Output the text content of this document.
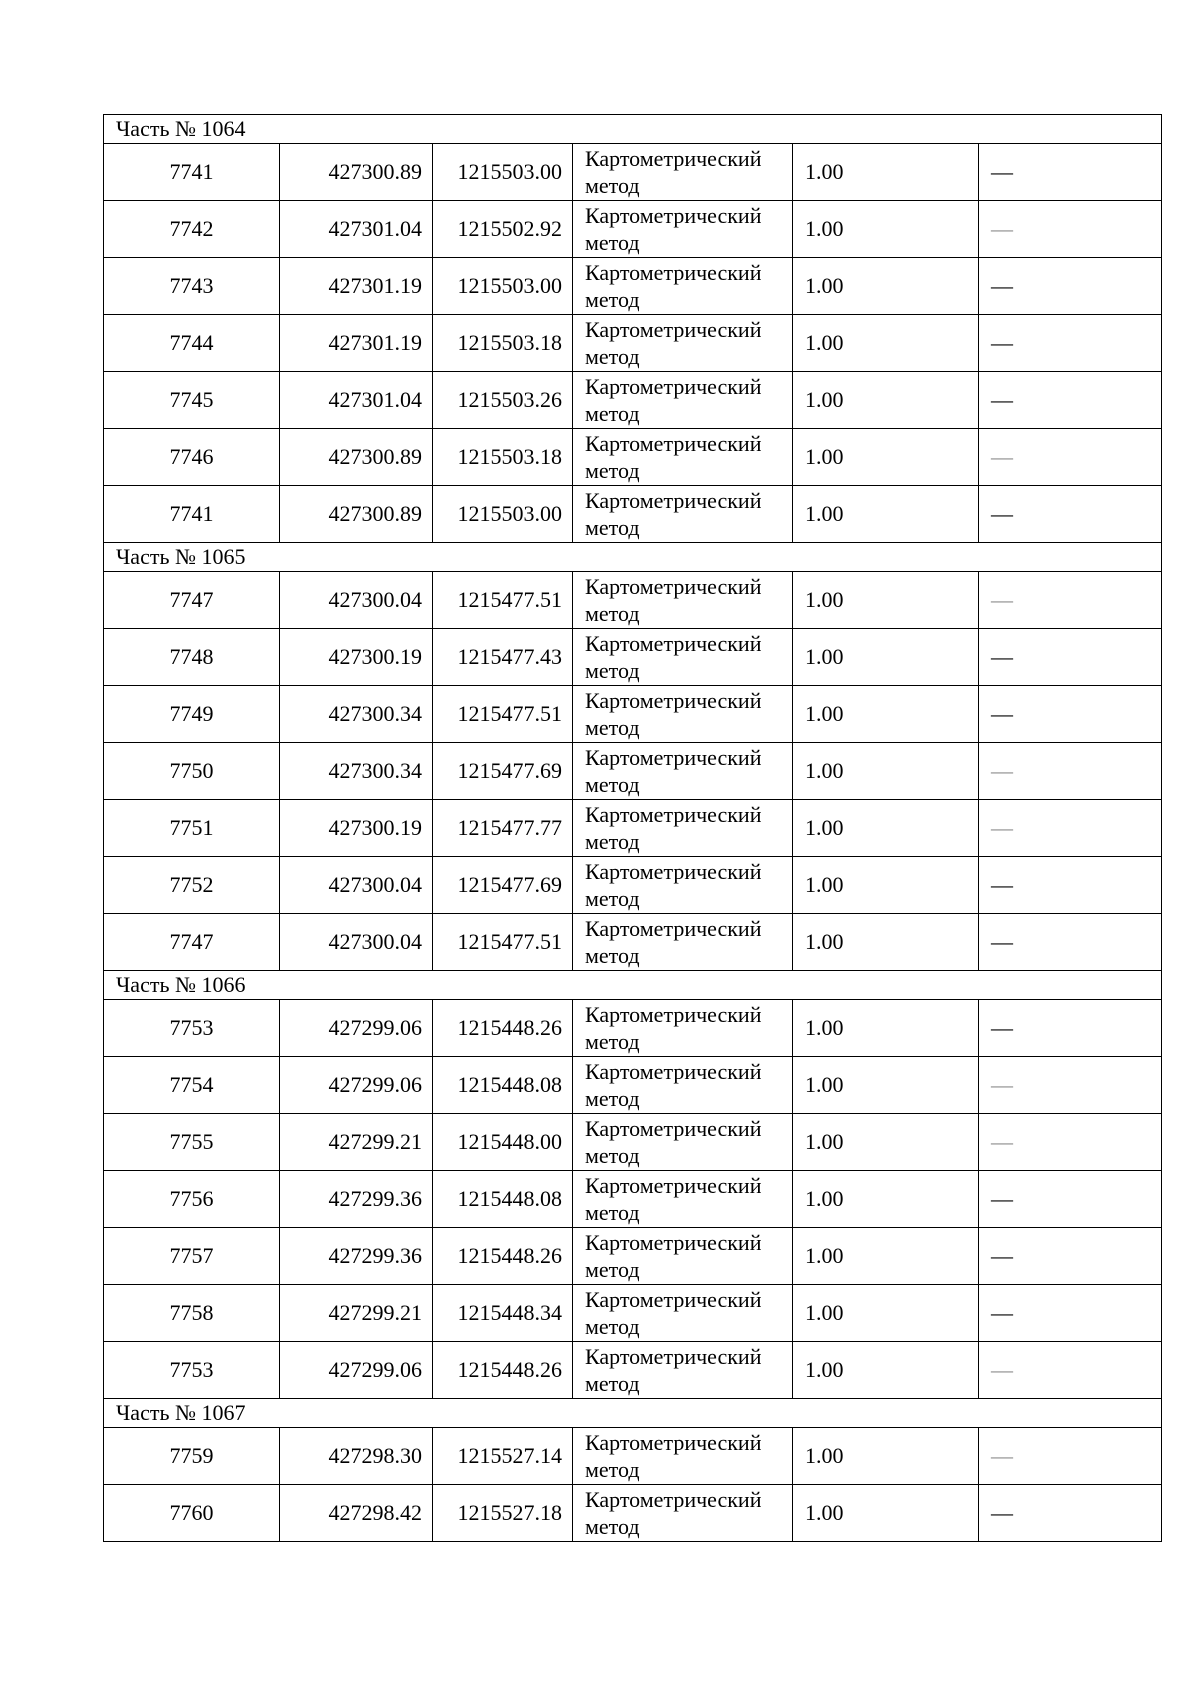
Часть № 1064					
7741	427300.89	1215503.00	Картометрический
метод	1.00	—
7742	427301.04	1215502.92	Картометрический
метод	1.00	—
7743	427301.19	1215503.00	Картометрический
метод	1.00	—
7744	427301.19	1215503.18	Картометрический
метод	1.00	—
7745	427301.04	1215503.26	Картометрический
метод	1.00	—
7746	427300.89	1215503.18	Картометрический
метод	1.00	—
7741	427300.89	1215503.00	Картометрический
метод	1.00	—
Часть № 1065					
7747	427300.04	1215477.51	Картометрический
метод	1.00	—
7748	427300.19	1215477.43	Картометрический
метод	1.00	—
7749	427300.34	1215477.51	Картометрический
метод	1.00	—
7750	427300.34	1215477.69	Картометрический
метод	1.00	—
7751	427300.19	1215477.77	Картометрический
метод	1.00	—
7752	427300.04	1215477.69	Картометрический
метод	1.00	—
7747	427300.04	1215477.51	Картометрический
метод	1.00	—
Часть № 1066					
7753	427299.06	1215448.26	Картометрический
метод	1.00	—
7754	427299.06	1215448.08	Картометрический
метод	1.00	—
7755	427299.21	1215448.00	Картометрический
метод	1.00	—
7756	427299.36	1215448.08	Картометрический
метод	1.00	—
7757	427299.36	1215448.26	Картометрический
метод	1.00	—
7758	427299.21	1215448.34	Картометрический
метод	1.00	—
7753	427299.06	1215448.26	Картометрический
метод	1.00	—
Часть № 1067					
7759	427298.30	1215527.14	Картометрический
метод	1.00	—
7760	427298.42	1215527.18	Картометрический
метод	1.00	—
